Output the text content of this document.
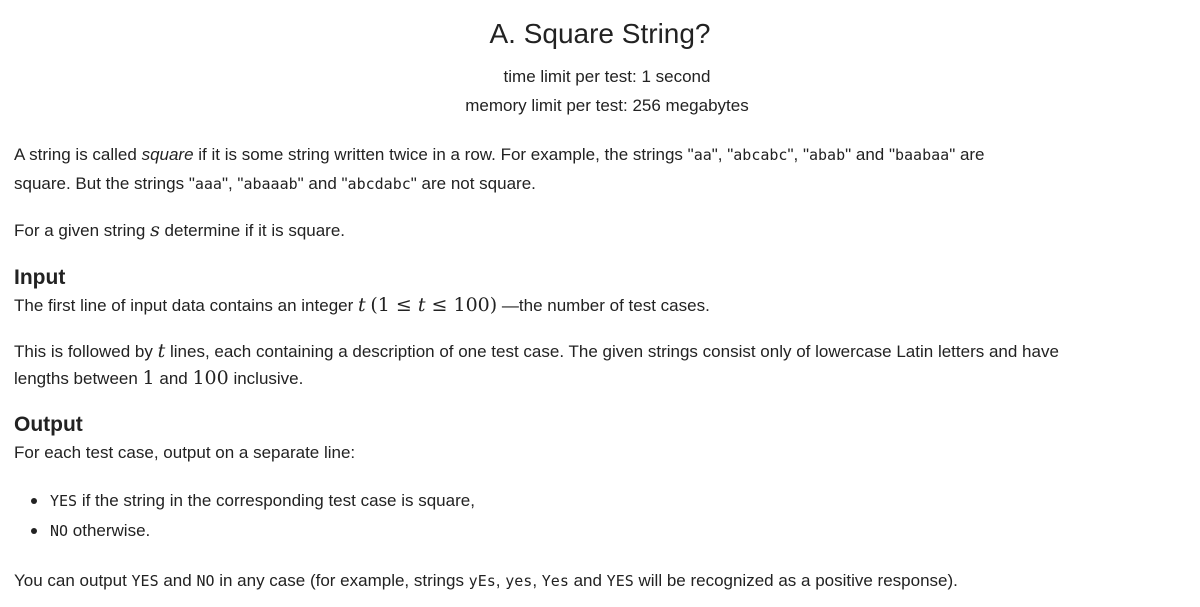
A. Square String?
time limit per test: 1 second
memory limit per test: 256 megabytes
A string is called square if it is some string written twice in a row. For example, the strings "aa", "abcabc", "abab" and "baabaa" are
square. But the strings "aaa", "abaaab" and "abcdabc" are not square.
For a given string s determine if it is square.
Input
The first line of input data contains an integer t (1 ≤ t ≤ 100) —the number of test cases.
This is followed by t lines, each containing a description of one test case. The given strings consist only of lowercase Latin letters and have
lengths between 1 and 100 inclusive.
Output
For each test case, output on a separate line:
YES if the string in the corresponding test case is square,
NO otherwise.
You can output YES and NO in any case (for example, strings yEs, yes, Yes and YES will be recognized as a positive response).
